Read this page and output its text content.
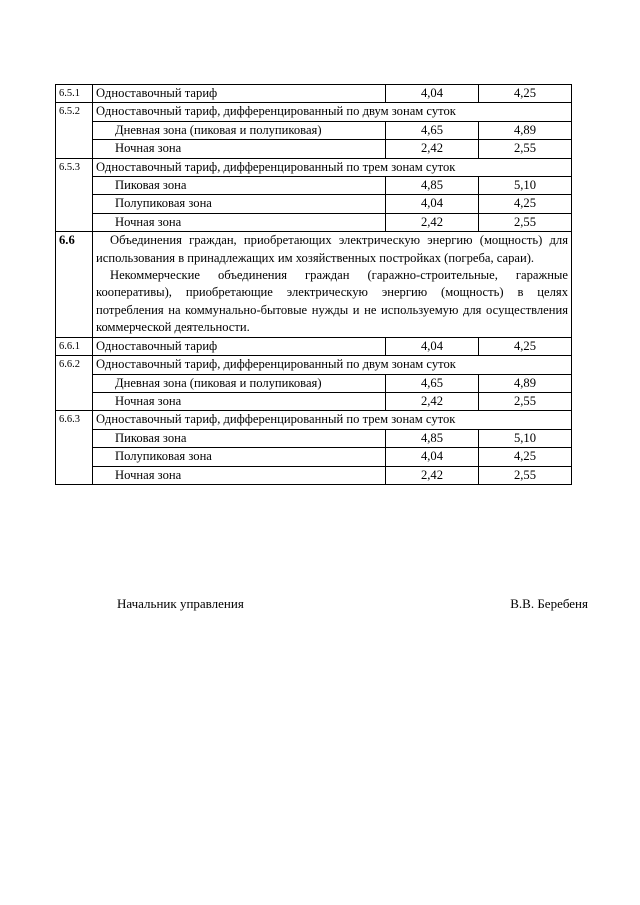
6.5.1	Одноставочный тариф	4,04	4,25
6.5.2	Одноставочный тариф, дифференцированный по двум зонам суток		
	Дневная зона (пиковая и полупиковая)	4,65	4,89
	Ночная зона	2,42	2,55
6.5.3	Одноставочный тариф, дифференцированный по трем зонам суток		
	Пиковая зона	4,85	5,10
	Полупиковая зона	4,04	4,25
	Ночная зона	2,42	2,55
6.6	Объединения граждан, приобретающих электрическую энергию (мощность) для использования в принадлежащих им хозяйственных постройках (погреба, сараи).

Некоммерческие объединения граждан (гаражно-строительные, гаражные кооперативы), приобретающие электрическую энергию (мощность) в целях потребления на коммунально-бытовые нужды и не используемую для осуществления коммерческой деятельности.		

6.6.1	Одноставочный тариф	4,04	4,25
6.6.2	Одноставочный тариф, дифференцированный по двум зонам суток		
	Дневная зона (пиковая и полупиковая)	4,65	4,89
	Ночная зона	2,42	2,55
6.6.3	Одноставочный тариф, дифференцированный по трем зонам суток		
	Пиковая зона	4,85	5,10
	Полупиковая зона	4,04	4,25
	Ночная зона	2,42	2,55
Начальник управления	В.В. Беребеня
